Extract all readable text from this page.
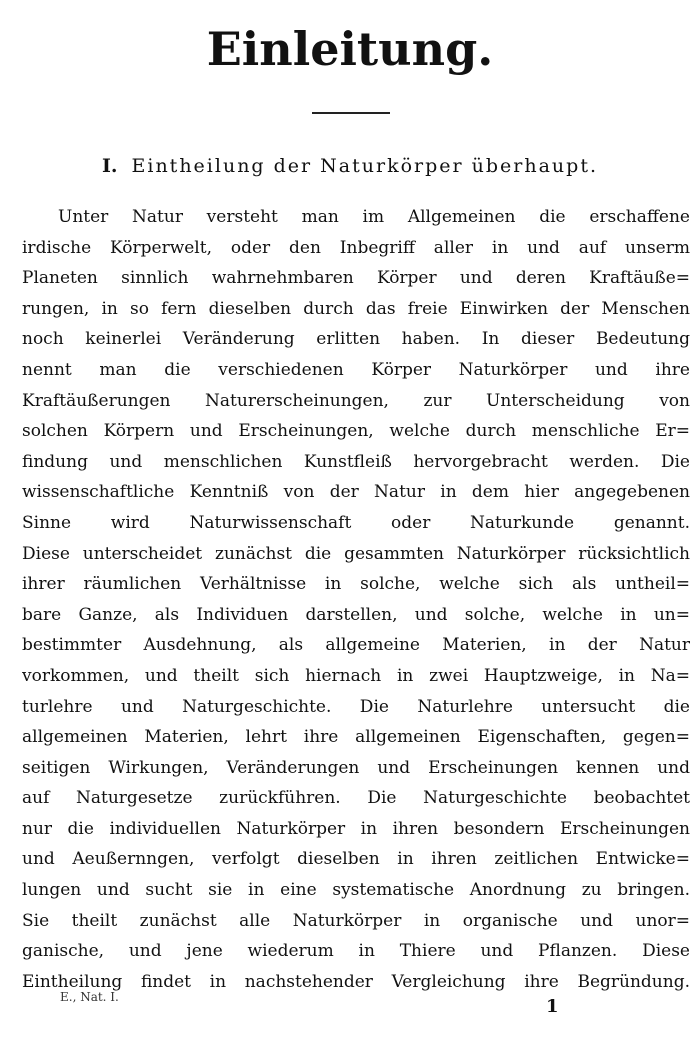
Einleitung.
I. Eintheilung der Naturkörper überhaupt.
Unter Natur versteht man im Allgemeinen die erschaffene
irdische Körperwelt, oder den Inbegriff aller in und auf unserm
Planeten sinnlich wahrnehmbaren Körper und deren Kraftäuße=
rungen, in so fern dieselben durch das freie Einwirken der Menschen
noch keinerlei Veränderung erlitten haben. In dieser Bedeutung
nennt man die verschiedenen Körper Naturkörper und ihre
Kraftäußerungen Naturerscheinungen, zur Unterscheidung von
solchen Körpern und Erscheinungen, welche durch menschliche Er=
findung und menschlichen Kunstfleiß hervorgebracht werden. Die
wissenschaftliche Kenntniß von der Natur in dem hier angegebenen
Sinne wird Naturwissenschaft oder Naturkunde genannt.
Diese unterscheidet zunächst die gesammten Naturkörper rücksichtlich
ihrer räumlichen Verhältnisse in solche, welche sich als untheil=
bare Ganze, als Individuen darstellen, und solche, welche in un=
bestimmter Ausdehnung, als allgemeine Materien, in der Natur
vorkommen, und theilt sich hiernach in zwei Hauptzweige, in Na=
turlehre und Naturgeschichte. Die Naturlehre untersucht die
allgemeinen Materien, lehrt ihre allgemeinen Eigenschaften, gegen=
seitigen Wirkungen, Veränderungen und Erscheinungen kennen und
auf Naturgesetze zurückführen. Die Naturgeschichte beobachtet
nur die individuellen Naturkörper in ihren besondern Erscheinungen
und Aeußernngen, verfolgt dieselben in ihren zeitlichen Entwicke=
lungen und sucht sie in eine systematische Anordnung zu bringen.
Sie theilt zunächst alle Naturkörper in organische und unor=
ganische, und jene wiederum in Thiere und Pflanzen. Diese
Eintheilung findet in nachstehender Vergleichung ihre Begründung.
E., Nat. I.	1
